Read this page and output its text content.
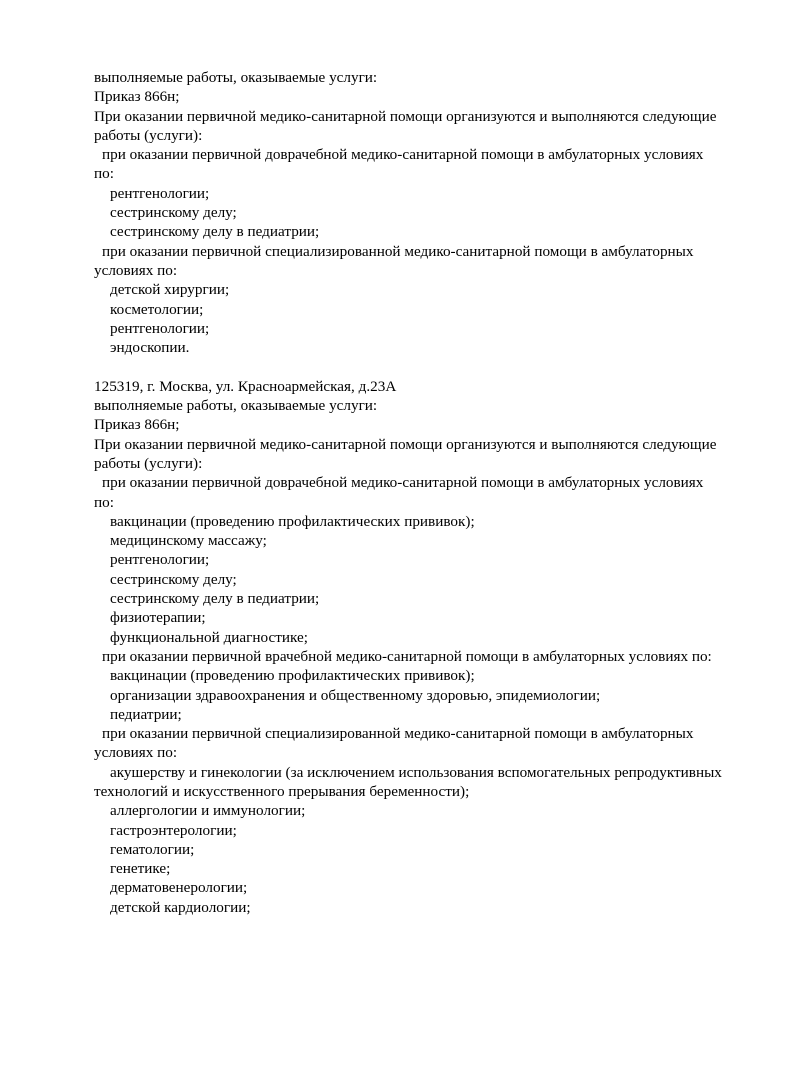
выполняемые работы, оказываемые услуги:

Приказ 866н;

При оказании первичной медико-санитарной помощи организуются и выполняются следующие

работы (услуги):

при оказании первичной доврачебной медико-санитарной помощи в амбулаторных условиях

по:

рентгенологии;

сестринскому делу;

сестринскому делу в педиатрии;

при оказании первичной специализированной медико-санитарной помощи в амбулаторных

условиях по:

детской хирургии;

косметологии;

рентгенологии;

эндоскопии.

125319, г. Москва, ул. Красноармейская, д.23А

выполняемые работы, оказываемые услуги:

Приказ 866н;

При оказании первичной медико-санитарной помощи организуются и выполняются следующие

работы (услуги):

при оказании первичной доврачебной медико-санитарной помощи в амбулаторных условиях

по:

вакцинации (проведению профилактических прививок);

медицинскому массажу;

рентгенологии;

сестринскому делу;

сестринскому делу в педиатрии;

физиотерапии;

функциональной диагностике;

при оказании первичной врачебной медико-санитарной помощи в амбулаторных условиях по:

вакцинации (проведению профилактических прививок);

организации здравоохранения и общественному здоровью, эпидемиологии;

педиатрии;

при оказании первичной специализированной медико-санитарной помощи в амбулаторных

условиях по:

акушерству и гинекологии (за исключением использования вспомогательных репродуктивных

технологий и искусственного прерывания беременности);

аллергологии и иммунологии;

гастроэнтерологии;

гематологии;

генетике;

дерматовенерологии;

детской кардиологии;
